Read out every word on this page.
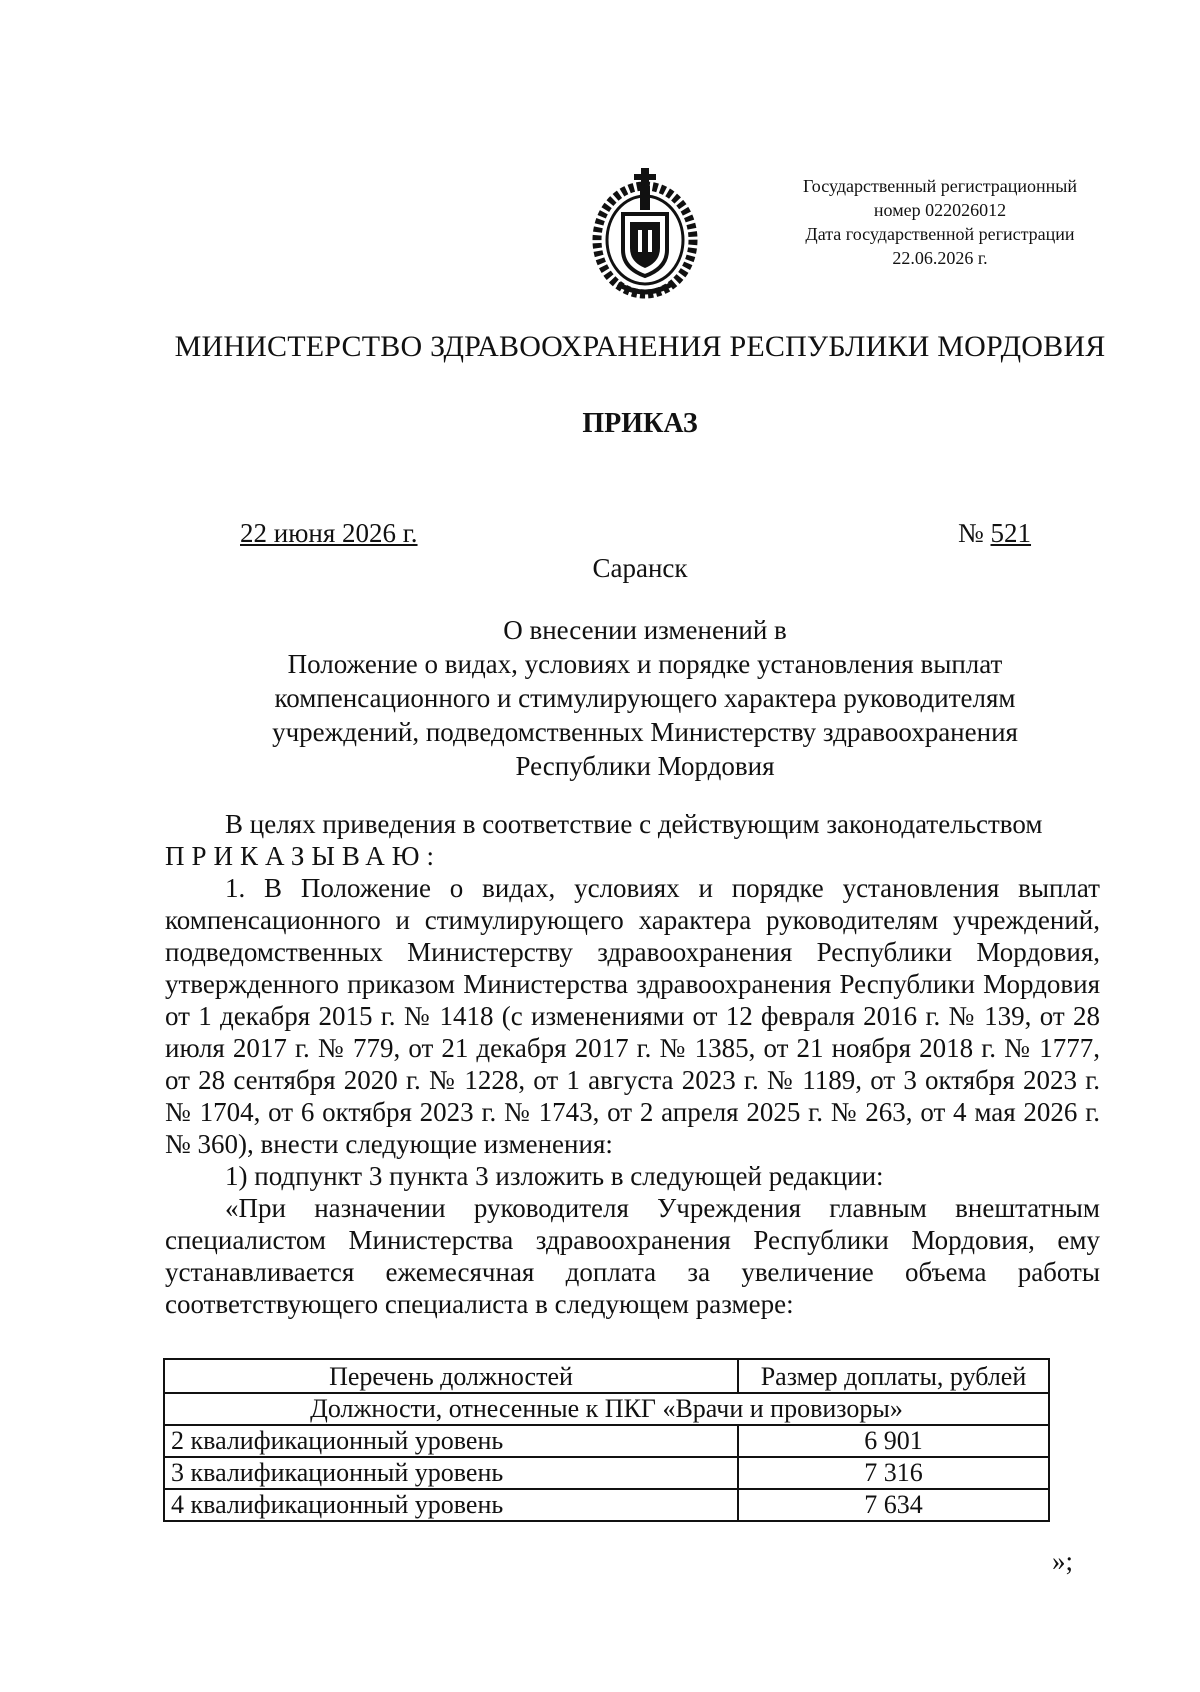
Государственный регистрационный
номер 022026012
Дата государственной регистрации
22.06.2026 г.
МИНИСТЕРСТВО ЗДРАВООХРАНЕНИЯ РЕСПУБЛИКИ МОРДОВИЯ
ПРИКАЗ
22 июня 2026 г.	№ 521
Саранск
О внесении изменений в
Положение о видах, условиях и порядке установления выплат
компенсационного и стимулирующего характера руководителям
учреждений, подведомственных Министерству здравоохранения
Республики Мордовия

В целях приведения в соответствие с действующим законодательством

ПРИКАЗЫВАЮ:

1. В Положение о видах, условиях и порядке установления выплат компенсационного и стимулирующего характера руководителям учреждений, подведомственных Министерству здравоохранения Республики Мордовия, утвержденного приказом Министерства здравоохранения Республики Мордовия от 1 декабря 2015 г. № 1418 (с изменениями от 12 февраля 2016 г. № 139, от 28 июля 2017 г. № 779, от 21 декабря 2017 г. № 1385, от 21 ноября 2018 г. № 1777, от 28 сентября 2020 г. № 1228, от 1 августа 2023 г. № 1189, от 3 октября 2023 г. № 1704, от 6 октября 2023 г. № 1743, от 2 апреля 2025 г. № 263, от 4 мая 2026 г. № 360), внести следующие изменения:

1) подпункт 3 пункта 3 изложить в следующей редакции:

«При назначении руководителя Учреждения главным внештатным специалистом Министерства здравоохранения Республики Мордовия, ему устанавливается ежемесячная доплата за увеличение объема работы соответствующего специалиста в следующем размере:

Перечень должностей	Размер доплаты, рублей
Должности, отнесенные к ПКГ «Врачи и провизоры»	
2 квалификационный уровень	6 901
3 квалификационный уровень	7 316
4 квалификационный уровень	7 634
»;
